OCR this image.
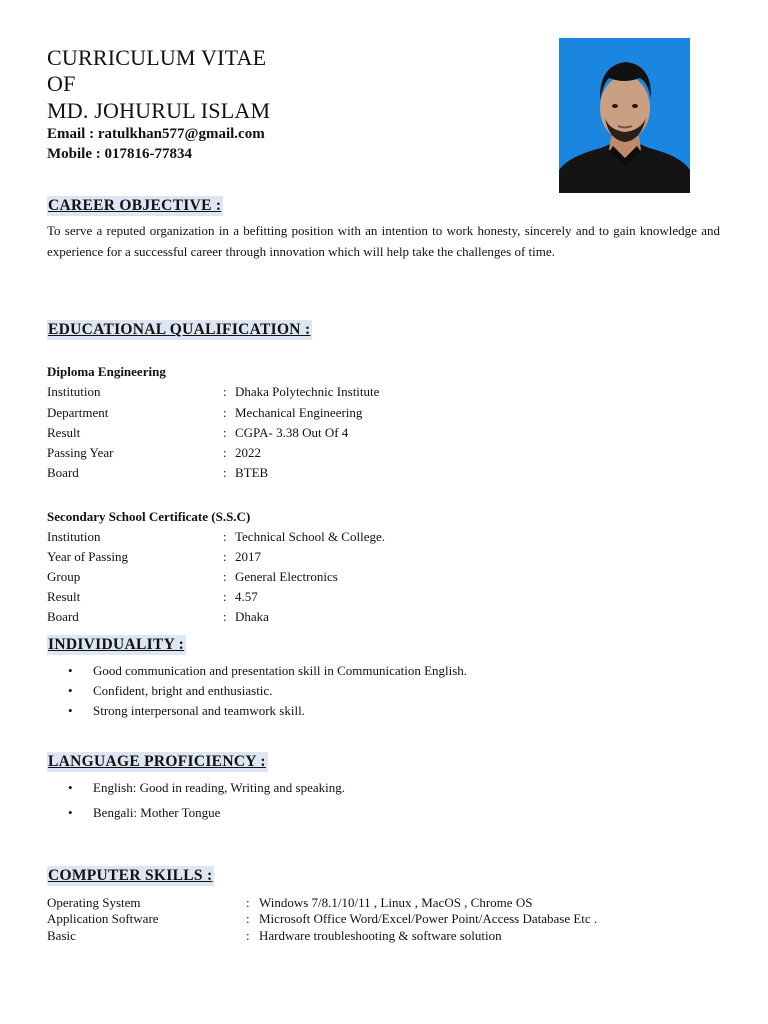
CURRICULUM VITAE
OF
MD. JOHURUL ISLAM
Email : ratulkhan577@gmail.com
Mobile : 017816-77834
CAREER OBJECTIVE :
To serve a reputed organization in a befitting position with an intention to work honesty, sincerely and to gain knowledge and experience for a successful career through innovation which will help take the challenges of time.
EDUCATIONAL QUALIFICATION :
Diploma Engineering
Institution	: Dhaka Polytechnic Institute
Department	: Mechanical Engineering
Result	: CGPA- 3.38 Out Of 4
Passing Year	: 2022
Board	: BTEB
Secondary School Certificate (S.S.C)
Institution	: Technical School & College.
Year of Passing	: 2017
Group	: General Electronics
Result	: 4.57
Board	: Dhaka
INDIVIDUALITY :
• Good communication and presentation skill in Communication English.
• Confident, bright and enthusiastic.
• Strong interpersonal and teamwork skill.
LANGUAGE PROFICIENCY :
• English: Good in reading, Writing and speaking.
• Bengali: Mother Tongue
COMPUTER SKILLS :
Operating System	: Windows 7/8.1/10/11 , Linux , MacOS , Chrome OS
Application Software	: Microsoft Office Word/Excel/Power Point/Access Database Etc .
Basic	: Hardware troubleshooting & software solution
